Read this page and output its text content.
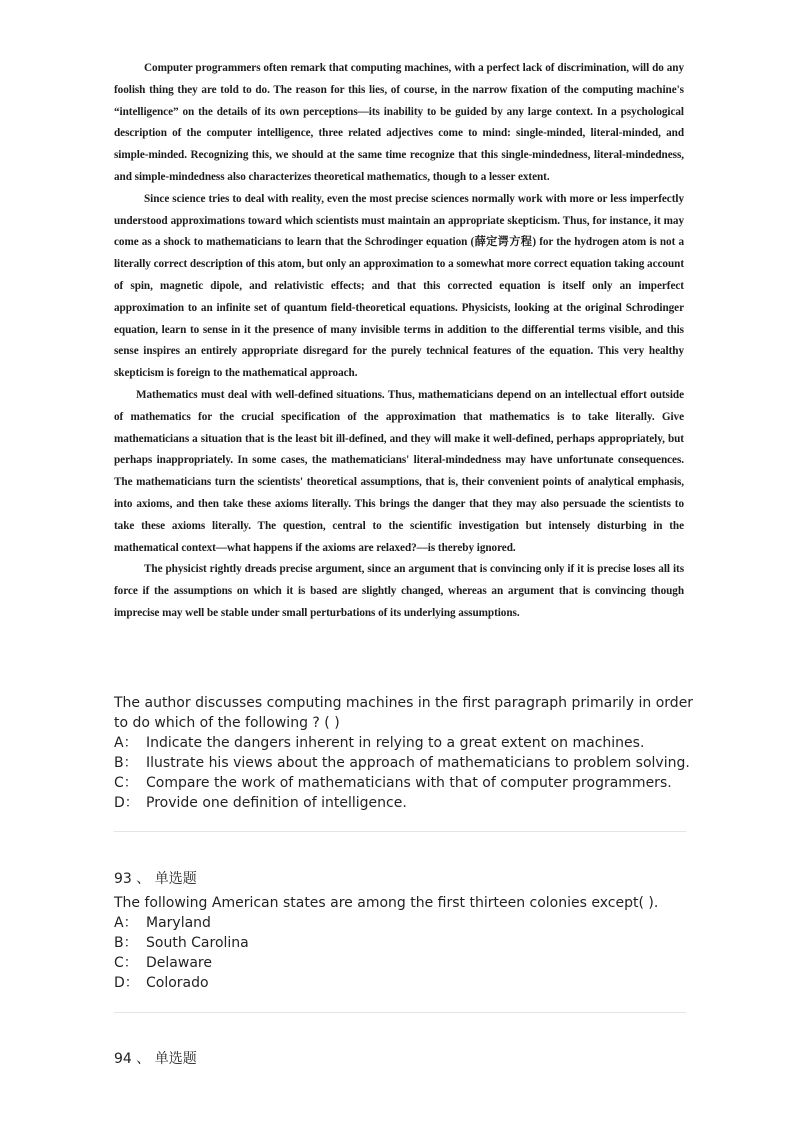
Computer programmers often remark that computing machines, with a perfect lack of discrimination, will do any foolish thing they are told to do. The reason for this lies, of course, in the narrow fixation of the computing machine's “intelligence” on the details of its own perceptions—its inability to be guided by any large context. In a psychological description of the computer intelligence, three related adjectives come to mind: single-minded, literal-minded, and simple-minded. Recognizing this, we should at the same time recognize that this single-mindedness, literal-mindedness, and simple-mindedness also characterizes theoretical mathematics, though to a lesser extent.

Since science tries to deal with reality, even the most precise sciences normally work with more or less imperfectly understood approximations toward which scientists must maintain an appropriate skepticism. Thus, for instance, it may come as a shock to mathematicians to learn that the Schrodinger equation (薛定谔方程) for the hydrogen atom is not a literally correct description of this atom, but only an approximation to a somewhat more correct equation taking account of spin, magnetic dipole, and relativistic effects; and that this corrected equation is itself only an imperfect approximation to an infinite set of quantum field-theoretical equations. Physicists, looking at the original Schrodinger equation, learn to sense in it the presence of many invisible terms in addition to the differential terms visible, and this sense inspires an entirely appropriate disregard for the purely technical features of the equation. This very healthy skepticism is foreign to the mathematical approach.

Mathematics must deal with well-defined situations. Thus, mathematicians depend on an intellectual effort outside of mathematics for the crucial specification of the approximation that mathematics is to take literally. Give mathematicians a situation that is the least bit ill-defined, and they will make it well-defined, perhaps appropriately, but perhaps inappropriately. In some cases, the mathematicians' literal-mindedness may have unfortunate consequences. The mathematicians turn the scientists' theoretical assumptions, that is, their convenient points of analytical emphasis, into axioms, and then take these axioms literally. This brings the danger that they may also persuade the scientists to take these axioms literally. The question, central to the scientific investigation but intensely disturbing in the mathematical context—what happens if the axioms are relaxed?—is thereby ignored.

The physicist rightly dreads precise argument, since an argument that is convincing only if it is precise loses all its force if the assumptions on which it is based are slightly changed, whereas an argument that is convincing though imprecise may well be stable under small perturbations of its underlying assumptions.

The author discusses computing machines in the first paragraph primarily in order to do which of the following ? ( )
A： Indicate the dangers inherent in relying to a great extent on machines.
B： Ilustrate his views about the approach of mathematicians to problem solving.
C： Compare the work of mathematicians with that of computer programmers.
D： Provide one definition of intelligence.
93 、 单选题
The following American states are among the first thirteen colonies except( ).
A： Maryland
B： South Carolina
C： Delaware
D： Colorado
94 、 单选题
